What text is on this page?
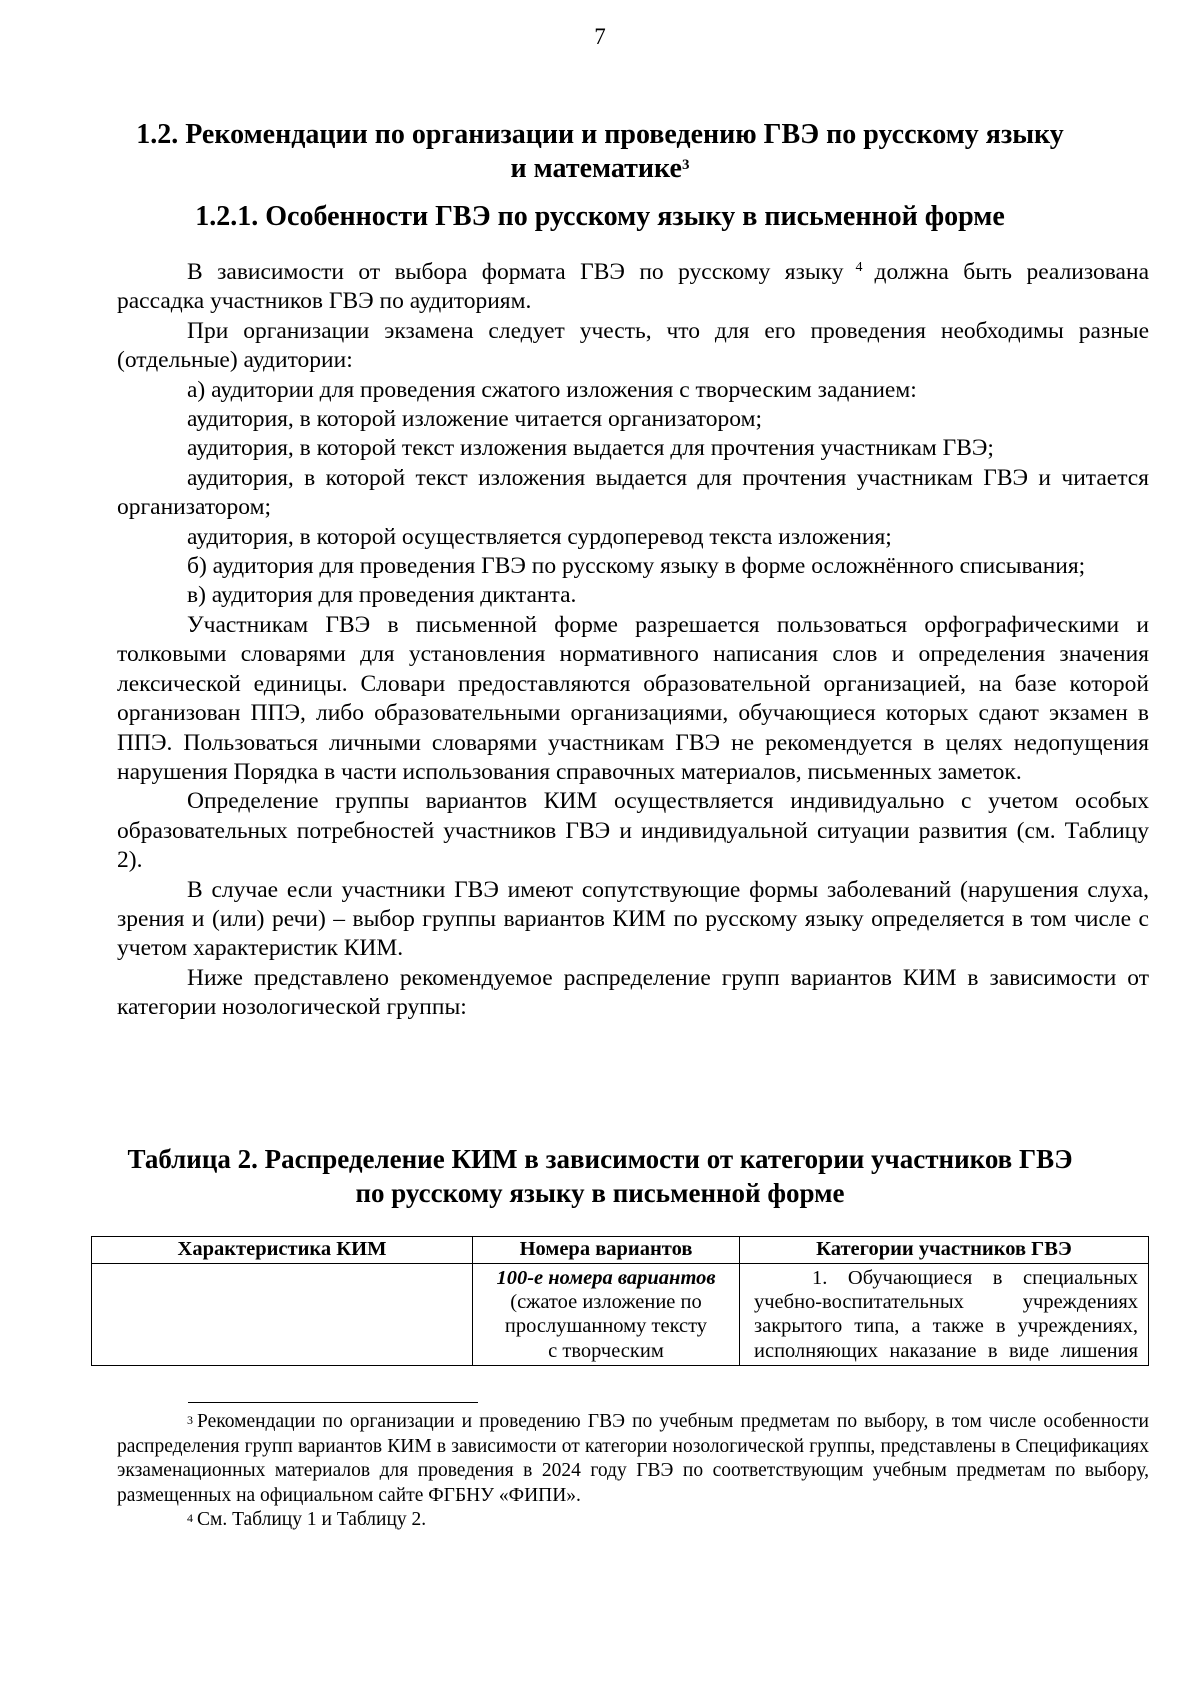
7
1.2. Рекомендации по организации и проведению ГВЭ по русскому языку
и математике$^3$
1.2.1. Особенности ГВЭ по русскому языку в письменной форме

В зависимости от выбора формата ГВЭ по русскому языку $^4$ должна быть реализована рассадка участников ГВЭ по аудиториям.

При организации экзамена следует учесть, что для его проведения необходимы разные (отдельные) аудитории:

а) аудитории для проведения сжатого изложения с творческим заданием:

аудитория, в которой изложение читается организатором;

аудитория, в которой текст изложения выдается для прочтения участникам ГВЭ;

аудитория, в которой текст изложения выдается для прочтения участникам ГВЭ и читается организатором;

аудитория, в которой осуществляется сурдоперевод текста изложения;

б) аудитория для проведения ГВЭ по русскому языку в форме осложнённого списывания;

в) аудитория для проведения диктанта.

Участникам ГВЭ в письменной форме разрешается пользоваться орфографическими и толковыми словарями для установления нормативного написания слов и определения значения лексической единицы. Словари предоставляются образовательной организацией, на базе которой организован ППЭ, либо образовательными организациями, обучающиеся которых сдают экзамен в ППЭ. Пользоваться личными словарями участникам ГВЭ не рекомендуется в целях недопущения нарушения Порядка в части использования справочных материалов, письменных заметок.

Определение группы вариантов КИМ осуществляется индивидуально с учетом особых образовательных потребностей участников ГВЭ и индивидуальной ситуации развития (см. Таблицу 2).

В случае если участники ГВЭ имеют сопутствующие формы заболеваний (нарушения слуха, зрения и (или) речи) – выбор группы вариантов КИМ по русскому языку определяется в том числе с учетом характеристик КИМ.

Ниже представлено рекомендуемое распределение групп вариантов КИМ в зависимости от категории нозологической группы:

Таблица 2. Распределение КИМ в зависимости от категории участников ГВЭ
по русскому языку в письменной форме
Характеристика КИМ	Номера вариантов	Категории участников ГВЭ
	100-е номера вариантов
(сжатое изложение по
прослушанному тексту
с творческим	1. Обучающиеся в специальных
учебно-воспитательных учреждениях
закрытого типа, а также в учреждениях,
исполняющих наказание в виде лишения

$^3$ Рекомендации по организации и проведению ГВЭ по учебным предметам по выбору, в том числе особенности распределения групп вариантов КИМ в зависимости от категории нозологической группы, представлены в Спецификациях экзаменационных материалов для проведения в 2024 году ГВЭ по соответствующим учебным предметам по выбору, размещенных на официальном сайте ФГБНУ «ФИПИ».

$^4$ См. Таблицу 1 и Таблицу 2.
